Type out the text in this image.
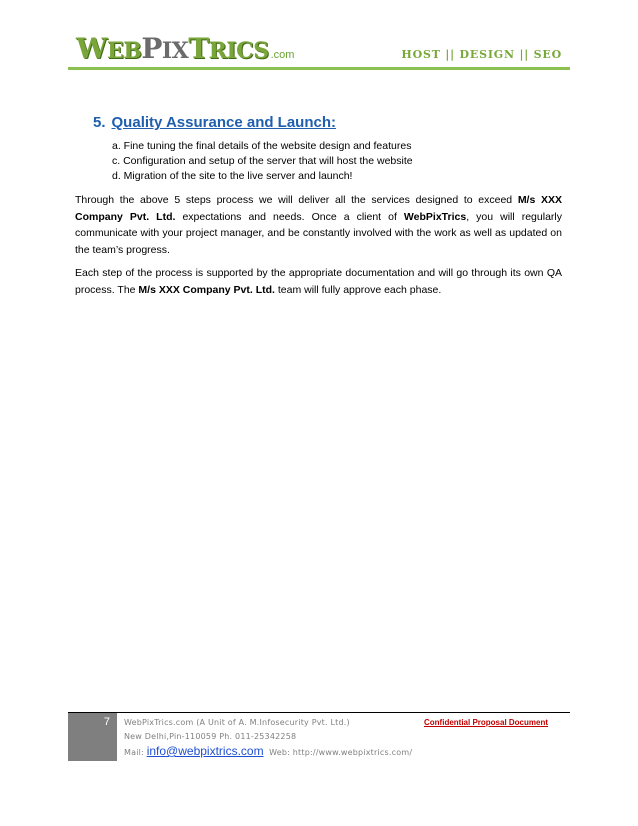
WEBPIXTRICS .com	HOST || DESIGN || SEO
5. Quality Assurance and Launch:
a. Fine tuning the final details of the website design and features
c. Configuration and setup of the server that will host the website
d. Migration of the site to the live server and launch!

Through the above 5 steps process we will deliver all the services designed to exceed M/s XXX Company Pvt. Ltd. expectations and needs. Once a client of WebPixTrics, you will regularly communicate with your project manager, and be constantly involved with the work as well as updated on the team’s progress.

Each step of the process is supported by the appropriate documentation and will go through its own QA process. The M/s XXX Company Pvt. Ltd. team will fully approve each phase.

7	WebPixTrics.com (A Unit of A. M.Infosecurity Pvt. Ltd.)
New Delhi,Pin-110059 Ph. 011-25342258
Mail: info@webpixtrics.com  Web: http://www.webpixtrics.com/
Confidential Proposal Document
